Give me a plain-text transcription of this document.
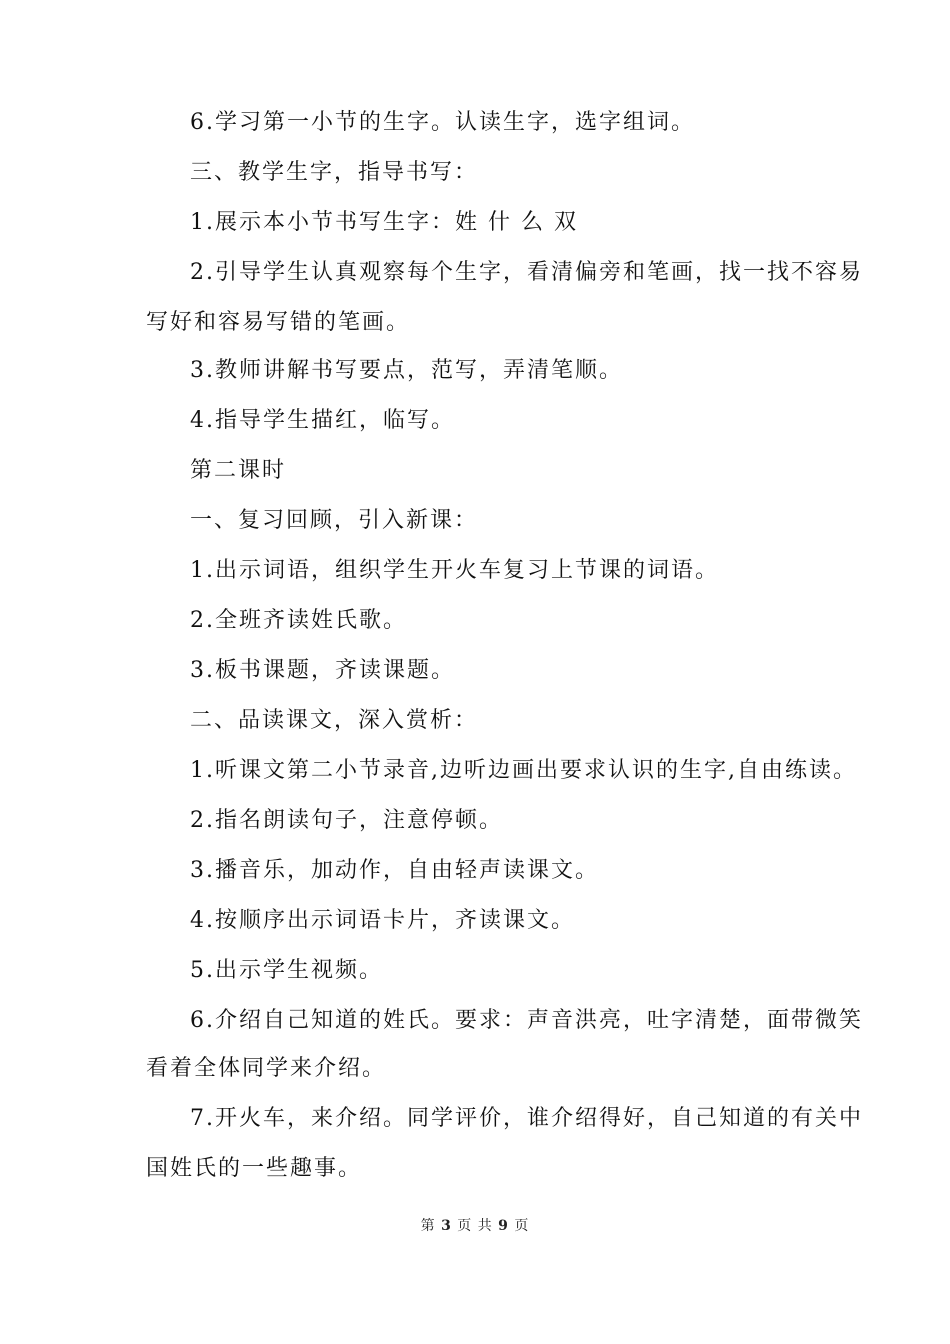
6.学习第一小节的生字。认读生字，选字组词。
三、教学生字，指导书写：
1.展示本小节书写生字：姓 什 么 双
2.引导学生认真观察每个生字，看清偏旁和笔画，找一找不容易
写好和容易写错的笔画。
3.教师讲解书写要点，范写，弄清笔顺。
4.指导学生描红，临写。
第二课时
一、复习回顾，引入新课：
1.出示词语，组织学生开火车复习上节课的词语。
2.全班齐读姓氏歌。
3.板书课题，齐读课题。
二、品读课文，深入赏析：
1.听课文第二小节录音,边听边画出要求认识的生字,自由练读。
2.指名朗读句子，注意停顿。
3.播音乐，加动作，自由轻声读课文。
4.按顺序出示词语卡片，齐读课文。
5.出示学生视频。
6.介绍自己知道的姓氏。要求：声音洪亮，吐字清楚，面带微笑
看着全体同学来介绍。
7.开火车，来介绍。同学评价，谁介绍得好，自己知道的有关中
国姓氏的一些趣事。
第 3 页 共 9 页
